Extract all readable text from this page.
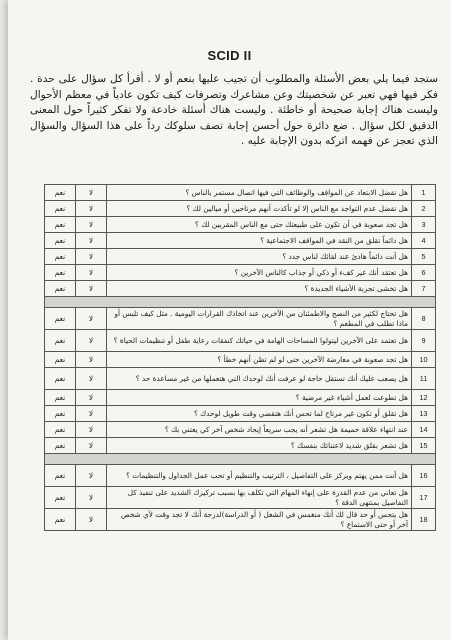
SCID II

ستجد فيما يلي بعض الأسئلة والمطلوب أن تجيب عليها بنعم أو لا . أقرأ كل سؤال على حدة . فكر فيها فهي تعبر عن شخصيتك وعن مشاعرك وتصرفات كيف تكون عادياً في معظم الأحوال وليست هناك إجابة صحيحة أو خاطئة . وليست هناك أسئلة خادعة ولا تفكر كثيراً حول المعنى الدقيق لكل سؤال . ضع دائرة حول أحسن إجابة تصف سلوكك رداً على هذا السؤال والسؤال الذي تعجز عن فهمه اتركه بدون الإجابة عليه .

1	هل تفضل الابتعاد عن المواقف والوظائف التي فيها اتصال مستمر بالناس ؟	لا	نعم
2	هل تفضل عدم التواجد مع الناس إلا لو تأكدت أنهم مرتاحين أو ميالين لك ؟	لا	نعم
3	هل تجد صعوبة في أن تكون على طبيعتك حتى مع الناس المقربين لك ؟	لا	نعم
4	هل دائماً تقلق من النقد في المواقف الاجتماعية ؟	لا	نعم
5	هل أنت دائماً هادئ عند لقائك لناس جدد ؟	لا	نعم
6	هل تعتقد أنك غير كفء أو ذكي أو جذاب كالناس الآخرين ؟	لا	نعم
7	هل تخشى تجربة الأشياء الجديدة ؟	لا	نعم

8	هل تحتاج لكثير من النصح والاطمئنان من الآخرين عند اتخاذك القرارات اليومية . مثل كيف تلبس أو ماذا تطلب في المطعم ؟	لا	نعم
9	هل تعتمد على الآخرين ليتولوا المساحات الهامة في حياتك كنفقات رعاية طفل أو تنظيمات الحياة ؟	لا	نعم
10	هل تجد صعوبة في معارضة الآخرين حتى لو لم تظن أنهم خطأ ؟	لا	نعم
11	هل يصعب عليك أنك تستقل حاجة لو عرفت أنك لوحدك التي هتعملها من غير مساعدة حد ؟	لا	نعم
12	هل تطوعت لعمل أشياء غير مرضية ؟	لا	نعم
13	هل تقلق أو تكون غير مرتاح لما تحس أنك هتقضي وقت طويل لوحدك ؟	لا	نعم
14	عند انتهاء علاقة حميمة هل تشعر أنه يجب سريعاً إيجاد شخص آخر كي يعتني بك ؟	لا	نعم
15	هل تشعر بقلق شديد لاعتنائك بنفسك ؟	لا	نعم

16	هل أنت ممن يهتم ويركز على التفاصيل ، الترتيب والتنظيم أو تحب عمل الجداول والتنظيمات ؟	لا	نعم
17	هل تعاني من عدم القدرة على إنهاء المهام التي تكلف بها بسبب تركيزك الشديد على تنفيذ كل التفاصيل بمنتهى الدقة ؟	لا	نعم
18	هل يتحس أو حد قال لك أنك منغمس في الشغل ( أو الدراسة)لدرجة أنك لا تجد وقت لأي شخص آخر أو حتى الاستماع ؟	لا	نعم
